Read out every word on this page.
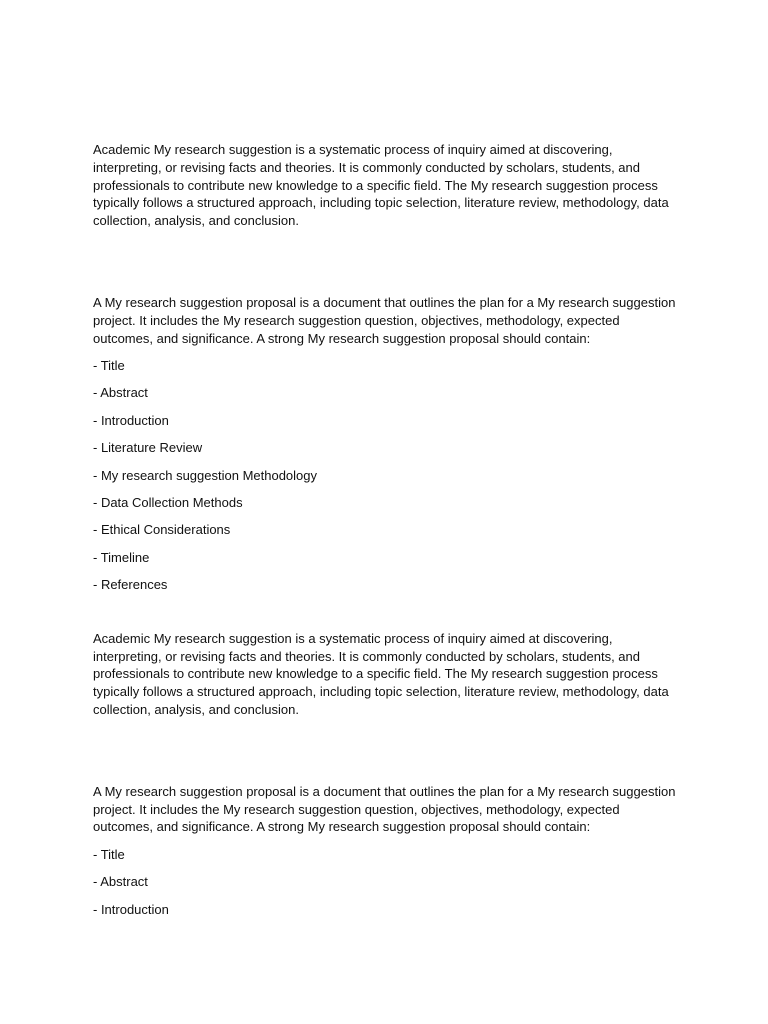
Academic My research suggestion is a systematic process of inquiry aimed at discovering, interpreting, or revising facts and theories. It is commonly conducted by scholars, students, and professionals to contribute new knowledge to a specific field. The My research suggestion process typically follows a structured approach, including topic selection, literature review, methodology, data collection, analysis, and conclusion.

A My research suggestion proposal is a document that outlines the plan for a My research suggestion project. It includes the My research suggestion question, objectives, methodology, expected outcomes, and significance. A strong My research suggestion proposal should contain:

- Title
- Abstract
- Introduction
- Literature Review
- My research suggestion Methodology
- Data Collection Methods
- Ethical Considerations
- Timeline
- References

Academic My research suggestion is a systematic process of inquiry aimed at discovering, interpreting, or revising facts and theories. It is commonly conducted by scholars, students, and professionals to contribute new knowledge to a specific field. The My research suggestion process typically follows a structured approach, including topic selection, literature review, methodology, data collection, analysis, and conclusion.

A My research suggestion proposal is a document that outlines the plan for a My research suggestion project. It includes the My research suggestion question, objectives, methodology, expected outcomes, and significance. A strong My research suggestion proposal should contain:

- Title
- Abstract
- Introduction
